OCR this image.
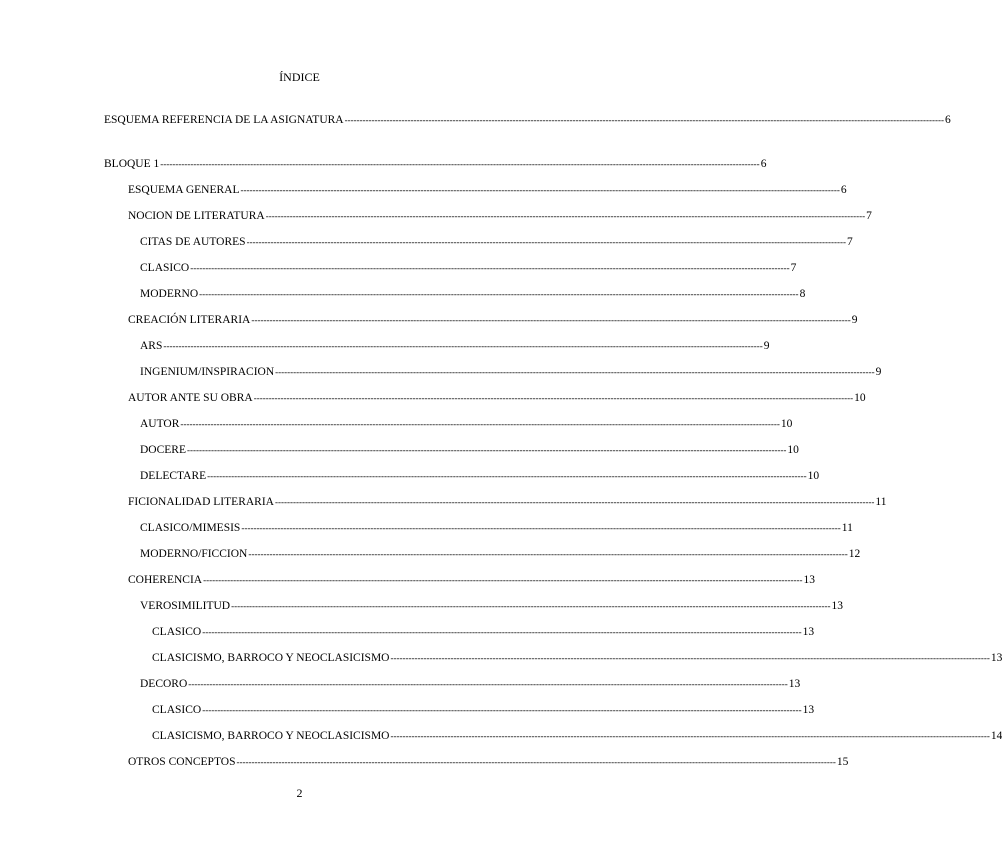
ÍNDICE
ESQUEMA REFERENCIA DE LA ASIGNATURA -------------------------------------------------------------------------------------------------------------------------------------------------------------------------------------------------------- 6
BLOQUE 1 -------------------------------------------------------------------------------------------------------------------------------------------------------------------------------------------------------- 6
ESQUEMA GENERAL -------------------------------------------------------------------------------------------------------------------------------------------------------------------------------------------------------- 6
NOCION DE LITERATURA -------------------------------------------------------------------------------------------------------------------------------------------------------------------------------------------------------- 7
CITAS DE AUTORES -------------------------------------------------------------------------------------------------------------------------------------------------------------------------------------------------------- 7
CLASICO -------------------------------------------------------------------------------------------------------------------------------------------------------------------------------------------------------- 7
MODERNO -------------------------------------------------------------------------------------------------------------------------------------------------------------------------------------------------------- 8
CREACIÓN LITERARIA -------------------------------------------------------------------------------------------------------------------------------------------------------------------------------------------------------- 9
ARS -------------------------------------------------------------------------------------------------------------------------------------------------------------------------------------------------------- 9
INGENIUM/INSPIRACION -------------------------------------------------------------------------------------------------------------------------------------------------------------------------------------------------------- 9
AUTOR ANTE SU OBRA -------------------------------------------------------------------------------------------------------------------------------------------------------------------------------------------------------- 10
AUTOR -------------------------------------------------------------------------------------------------------------------------------------------------------------------------------------------------------- 10
DOCERE -------------------------------------------------------------------------------------------------------------------------------------------------------------------------------------------------------- 10
DELECTARE -------------------------------------------------------------------------------------------------------------------------------------------------------------------------------------------------------- 10
FICIONALIDAD LITERARIA -------------------------------------------------------------------------------------------------------------------------------------------------------------------------------------------------------- 11
CLASICO/MIMESIS -------------------------------------------------------------------------------------------------------------------------------------------------------------------------------------------------------- 11
MODERNO/FICCION -------------------------------------------------------------------------------------------------------------------------------------------------------------------------------------------------------- 12
COHERENCIA -------------------------------------------------------------------------------------------------------------------------------------------------------------------------------------------------------- 13
VEROSIMILITUD -------------------------------------------------------------------------------------------------------------------------------------------------------------------------------------------------------- 13
CLASICO -------------------------------------------------------------------------------------------------------------------------------------------------------------------------------------------------------- 13
CLASICISMO, BARROCO Y NEOCLASICISMO -------------------------------------------------------------------------------------------------------------------------------------------------------------------------------------------------------- 13
DECORO -------------------------------------------------------------------------------------------------------------------------------------------------------------------------------------------------------- 13
CLASICO -------------------------------------------------------------------------------------------------------------------------------------------------------------------------------------------------------- 13
CLASICISMO, BARROCO Y NEOCLASICISMO -------------------------------------------------------------------------------------------------------------------------------------------------------------------------------------------------------- 14
OTROS CONCEPTOS -------------------------------------------------------------------------------------------------------------------------------------------------------------------------------------------------------- 15
2
